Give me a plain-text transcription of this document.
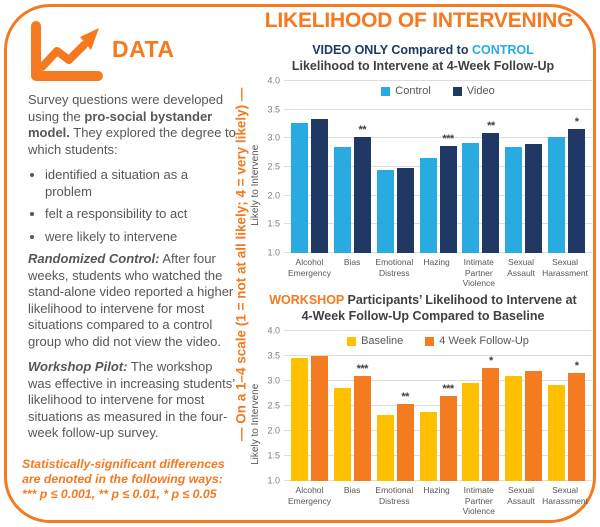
DATA
LIKELIHOOD OF INTERVENING

Survey questions were developed using the pro-social bystander model. They explored the degree to which students:

• identified a situation as a problem
• felt a responsibility to act
• were likely to intervene

Randomized Control: After four weeks, students who watched the stand-alone video reported a higher likelihood to intervene for most situations compared to a control group who did not view the video.

Workshop Pilot: The workshop was effective in increasing students’ likelihood to intervene for most situations as measured in the four-week follow-up survey.

Statistically-significant differences
are denoted in the following ways:
*** p ≤ 0.001, ** p ≤ 0.01, * p ≤ 0.05
— On a 1–4 scale (1 = not at all likely; 4 = very likely) —
VIDEO ONLY Compared to CONTROL
Likelihood to Intervene at 4-Week Follow-Up
Likely to Intervene
Control	Video
**
***
**	*
4.0
3.5
3.0
2.5
2.0
1.5
1.0
Alcohol Emergency
Bias	Emotional Distress
Hazing	Intimate Partner Violence
Sexual Assault
Sexual Harassment
WORKSHOP Participants’ Likelihood to Intervene at
4-Week Follow-Up Compared to Baseline
Likely to Intervene
Baseline	4 Week Follow-Up
***
**
***
*	*
4.0
3.5
3.0
2.5
2.0
1.5
1.0
Alcohol Emergency
Bias	Emotional Distress
Hazing	Intimate Partner Violence
Sexual Assault
Sexual Harassment
